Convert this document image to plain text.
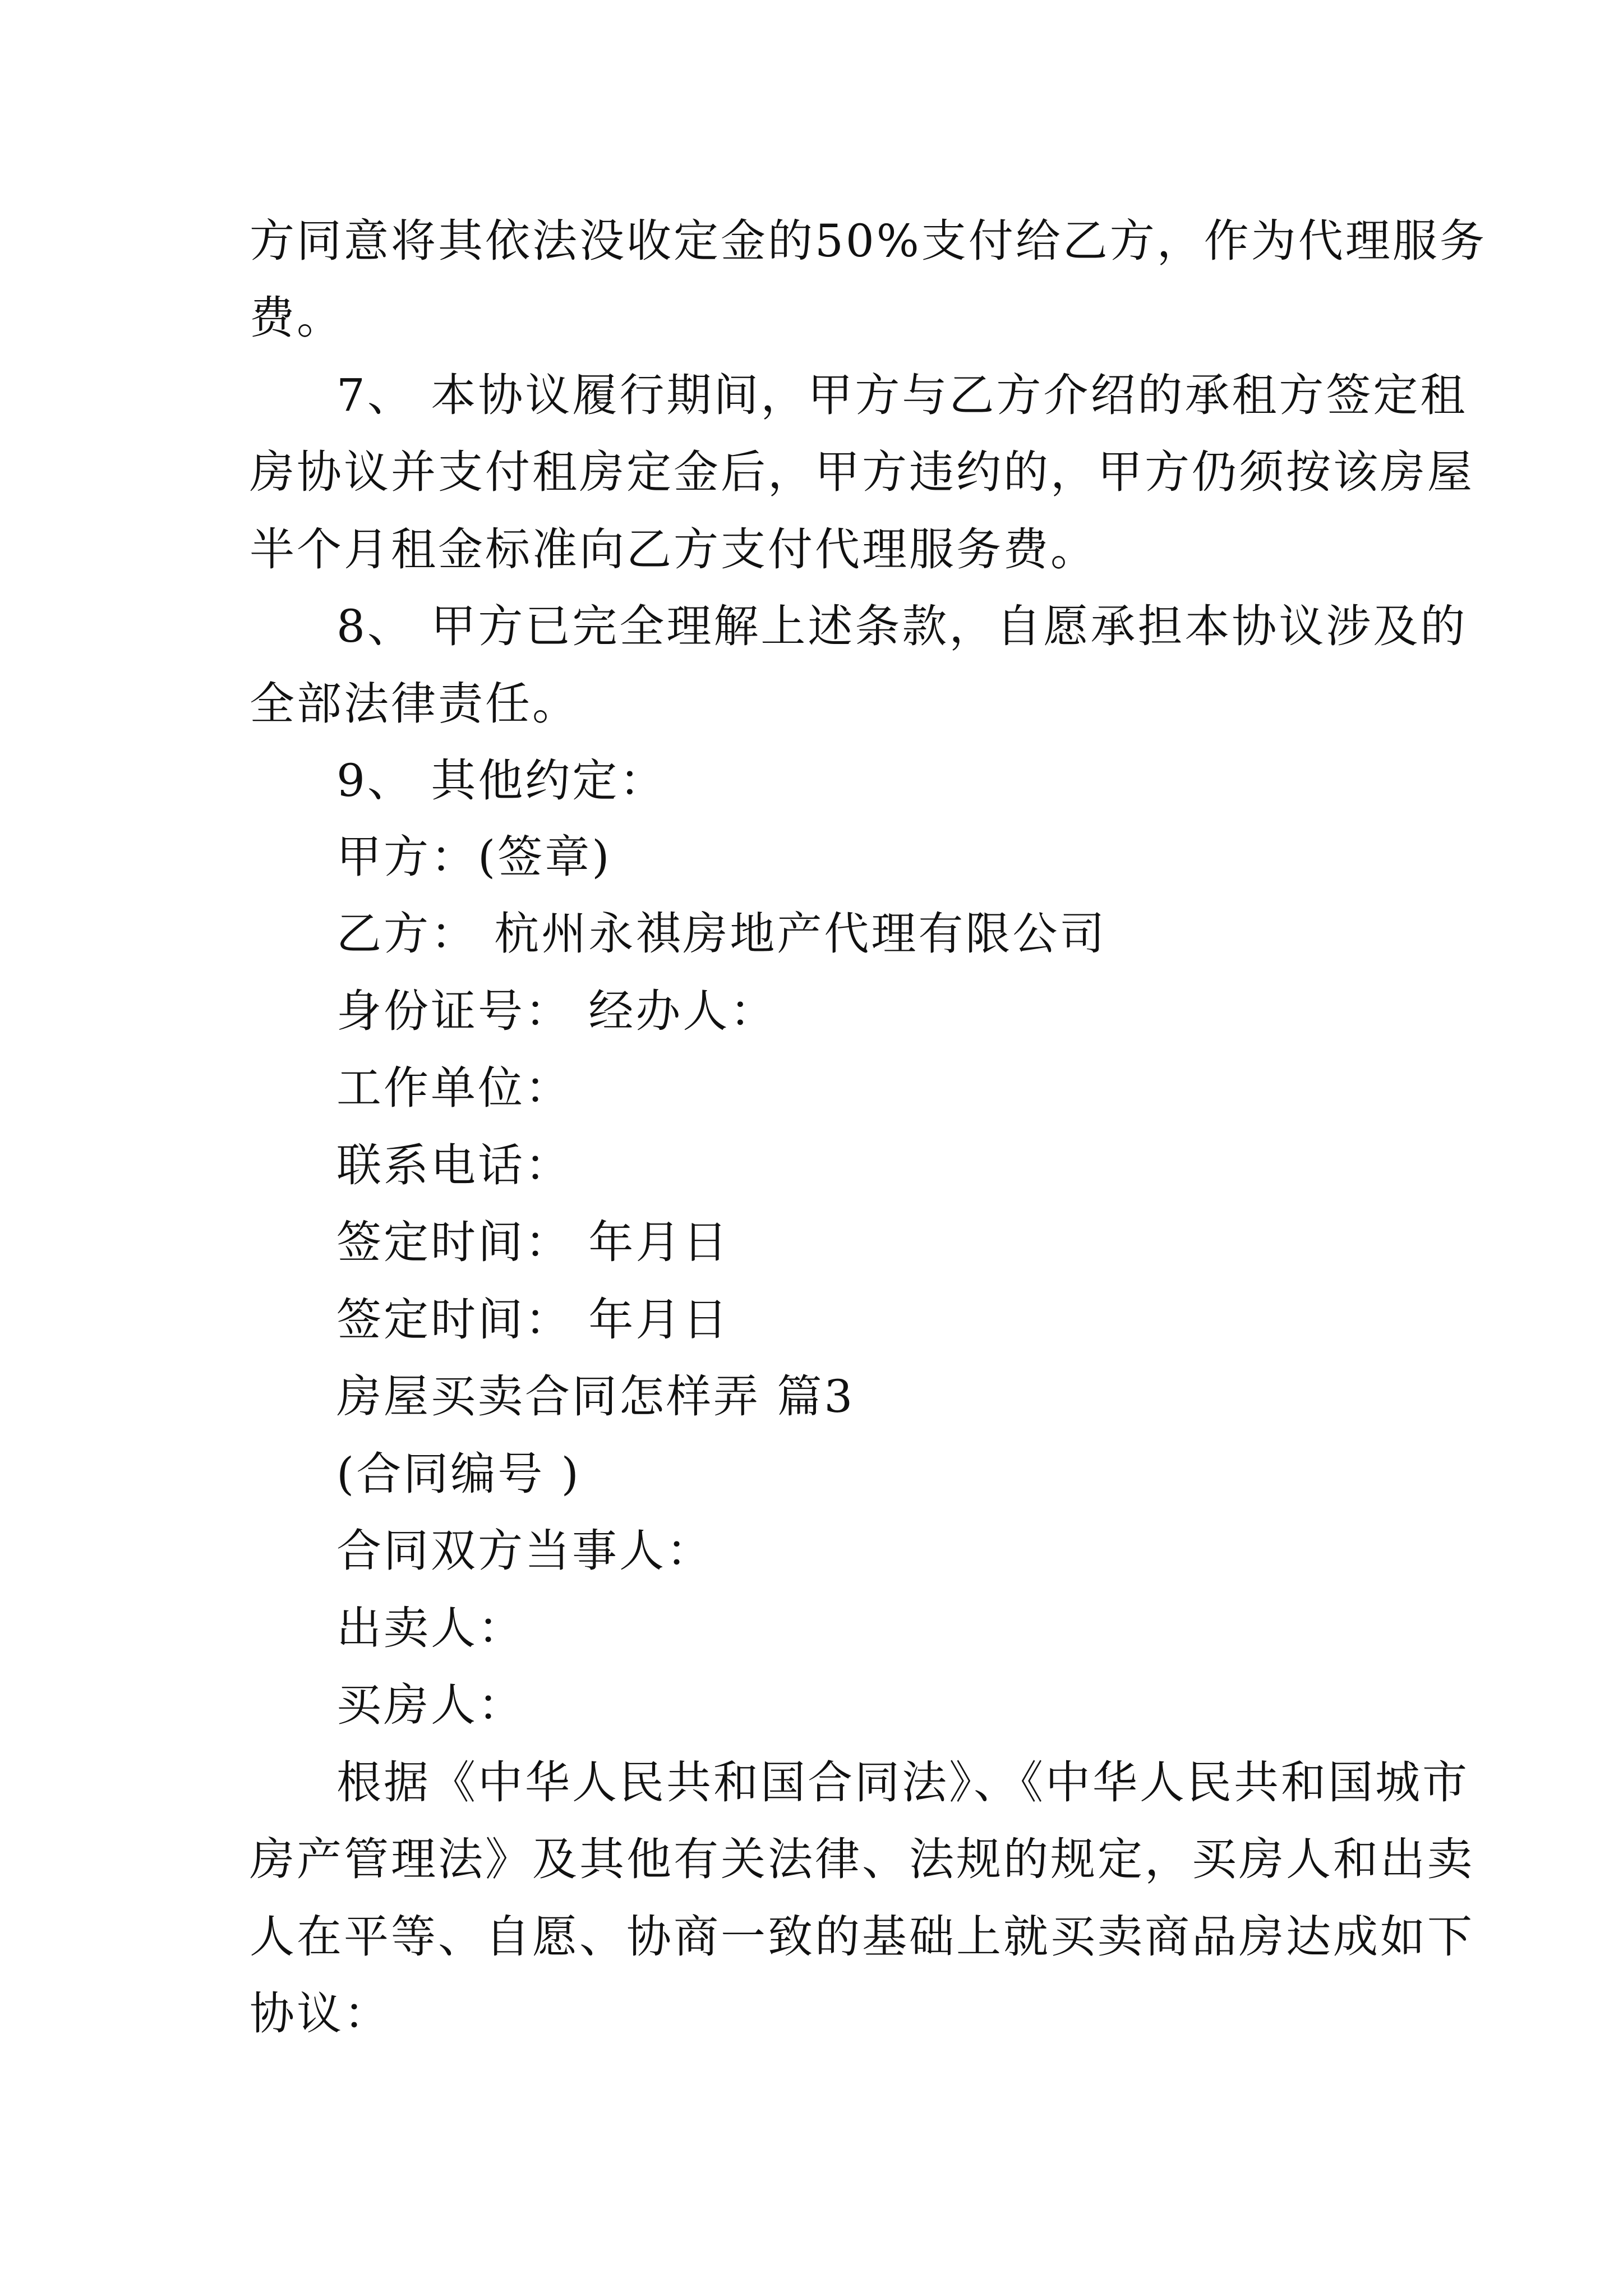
方同意将其依法没收定金的50%支付给乙方，作为代理服务
费。
7、 本协议履行期间，甲方与乙方介绍的承租方签定租
房协议并支付租房定金后，甲方违约的，甲方仍须按该房屋
半个月租金标准向乙方支付代理服务费。
8、 甲方已完全理解上述条款，自愿承担本协议涉及的
全部法律责任。
9、 其他约定：
甲方：(签章)
乙方： 杭州永祺房地产代理有限公司
身份证号： 经办人：
工作单位：
联系电话：
签定时间： 年月日
签定时间： 年月日
房屋买卖合同怎样弄 篇3
(合同编号 )
合同双方当事人：
出卖人：
买房人：
根据《中华人民共和国合同法》、《中华人民共和国城市
房产管理法》及其他有关法律、法规的规定，买房人和出卖
人在平等、自愿、协商一致的基础上就买卖商品房达成如下
协议：
